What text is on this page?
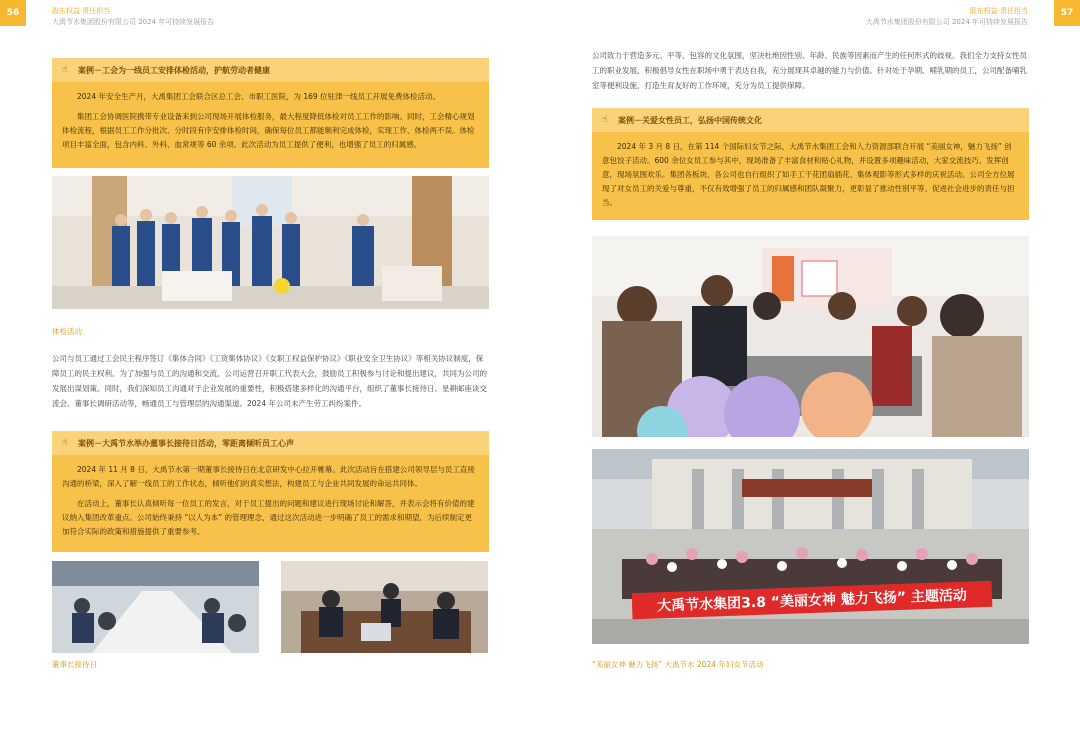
56	57
股东权益·责任担当
大禹节水集团股份有限公司 2024 年可持续发展报告
股东权益·责任担当
大禹节水集团股份有限公司 2024 年可持续发展报告
☝	案例－工会为一线员工安排体检活动，护航劳动者健康

2024 年安全生产月，大禹集团工会联合区总工会、市职工医院，为 169 位驻津一线员工开展免费体检活动。

集团工会协调医院携带专业设备来到公司现场开展体检服务，最大程度降低体检对员工工作的影响。同时，工会精心规划体检流程，根据员工工作分批次、分时段有序安排体检时间，确保每位员工都能顺利完成体检，实现工作、体检两不误。体检项目丰富全面，包含内科、外科、血常规等 60 余项。此次活动为员工提供了便利，也增强了员工的归属感。

体检活动
公司与员工通过工会民主程序签订《集体合同》《工资集体协议》《女职工权益保护协议》《职业安全卫生协议》等相关协议制度，保障员工的民主权利。为了加强与员工的沟通和交流，公司运营召开职工代表大会，鼓励员工积极参与讨论和提出建议，共同为公司的发展出谋划策。同时，我们深知员工沟通对于企业发展的重要性，积极搭建多样化的沟通平台，组织了董事长接待日、星耕邮座谈交流会、董事长调研活动等，畅通员工与管理层的沟通渠道。2024 年公司未产生劳工纠纷案件。
☝	案例－大禹节水举办董事长接待日活动，零距离倾听员工心声

2024 年 11 月 8 日，大禹节水第一期董事长接待日在北京研发中心拉开帷幕。此次活动旨在搭建公司领导层与员工直接沟通的桥梁，深入了解一线员工的工作状态，倾听他们的真实想法，构建员工与企业共同发展的命运共同体。

在活动上，董事长认真倾听每一位员工的发言，对于员工提出的问题和建议进行现场讨论和解答，并表示会将有价值的建议纳入集团改革重点。公司始终秉持 “以人为本” 的管理理念，通过这次活动进一步明确了员工的需求和期望，为后续制定更加符合实际的政策和措施提供了重要参考。

董事长接待日
公司致力于营造多元、平等、包容的文化氛围，坚决杜绝因性别、年龄、民族等因素而产生的任何形式的歧视。我们全力支持女性员工的职业发展，积极倡导女性在职场中勇于表达自我，充分展现其卓越的能力与价值。针对处于孕期、哺乳期的员工，公司配备哺乳室等便利设施，打造生育友好的工作环境，充分为员工提供保障。
☝	案例－关爱女性员工，弘扬中国传统文化

2024 年 3 月 8 日，在第 114 个国际妇女节之际，大禹节水集团工会和人力资源部联合开展 “美丽女神，魅力飞扬” 创意包饺子活动。600 余位女员工参与其中，现场准备了丰富食材和贴心礼物，并设置多项趣味活动，大家交流技巧、发挥创意，现场氛围欢乐。集团各板块、各公司也自行组织了如手工干花团扇插花、集体观影等形式多样的庆祝活动。公司全方位展现了对女员工的关爱与尊重，不仅有效增强了员工的归属感和团队凝聚力，更彰显了推动性别平等、促进社会进步的责任与担当。

大禹节水集团3.8 “美丽女神 魅力飞扬” 主题活动
“美丽女神 魅力飞扬” 大禹节水 2024 年妇女节活动
